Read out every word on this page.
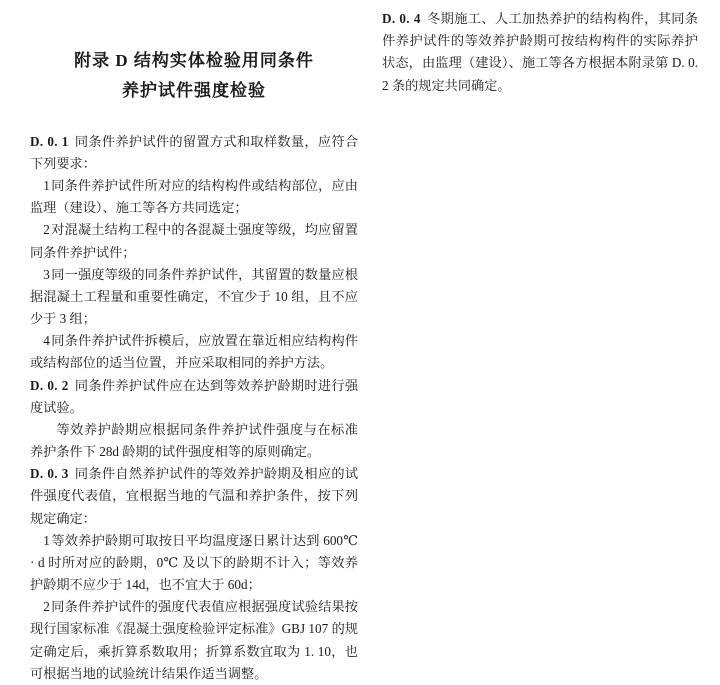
附录 D 结构实体检验用同条件
养护试件强度检验

D. 0. 1 同条件养护试件的留置方式和取样数量，应符合下列要求：

1同条件养护试件所对应的结构构件或结构部位，应由监理（建设）、施工等各方共同选定；

2对混凝土结构工程中的各混凝土强度等级，均应留置同条件养护试件；

3同一强度等级的同条件养护试件，其留置的数量应根据混凝土工程量和重要性确定，不宜少于 10 组，且不应少于 3 组；

4同条件养护试件拆模后，应放置在靠近相应结构构件或结构部位的适当位置，并应采取相同的养护方法。

D. 0. 2 同条件养护试件应在达到等效养护龄期时进行强度试验。

等效养护龄期应根据同条件养护试件强度与在标准养护条件下 28d 龄期的试件强度相等的原则确定。

D. 0. 3 同条件自然养护试件的等效养护龄期及相应的试件强度代表值，宜根据当地的气温和养护条件，按下列规定确定：

1等效养护龄期可取按日平均温度逐日累计达到 600℃ · d 时所对应的龄期，0℃ 及以下的龄期不计入；等效养护龄期不应少于 14d，也不宜大于 60d；

2同条件养护试件的强度代表值应根据强度试验结果按现行国家标准《混凝土强度检验评定标准》GBJ 107 的规定确定后，乘折算系数取用；折算系数宜取为 1. 10，也可根据当地的试验统计结果作适当调整。

D. 0. 4 冬期施工、人工加热养护的结构构件，其同条件养护试件的等效养护龄期可按结构构件的实际养护状态，由监理（建设）、施工等各方根据本附录第 D. 0. 2 条的规定共同确定。
